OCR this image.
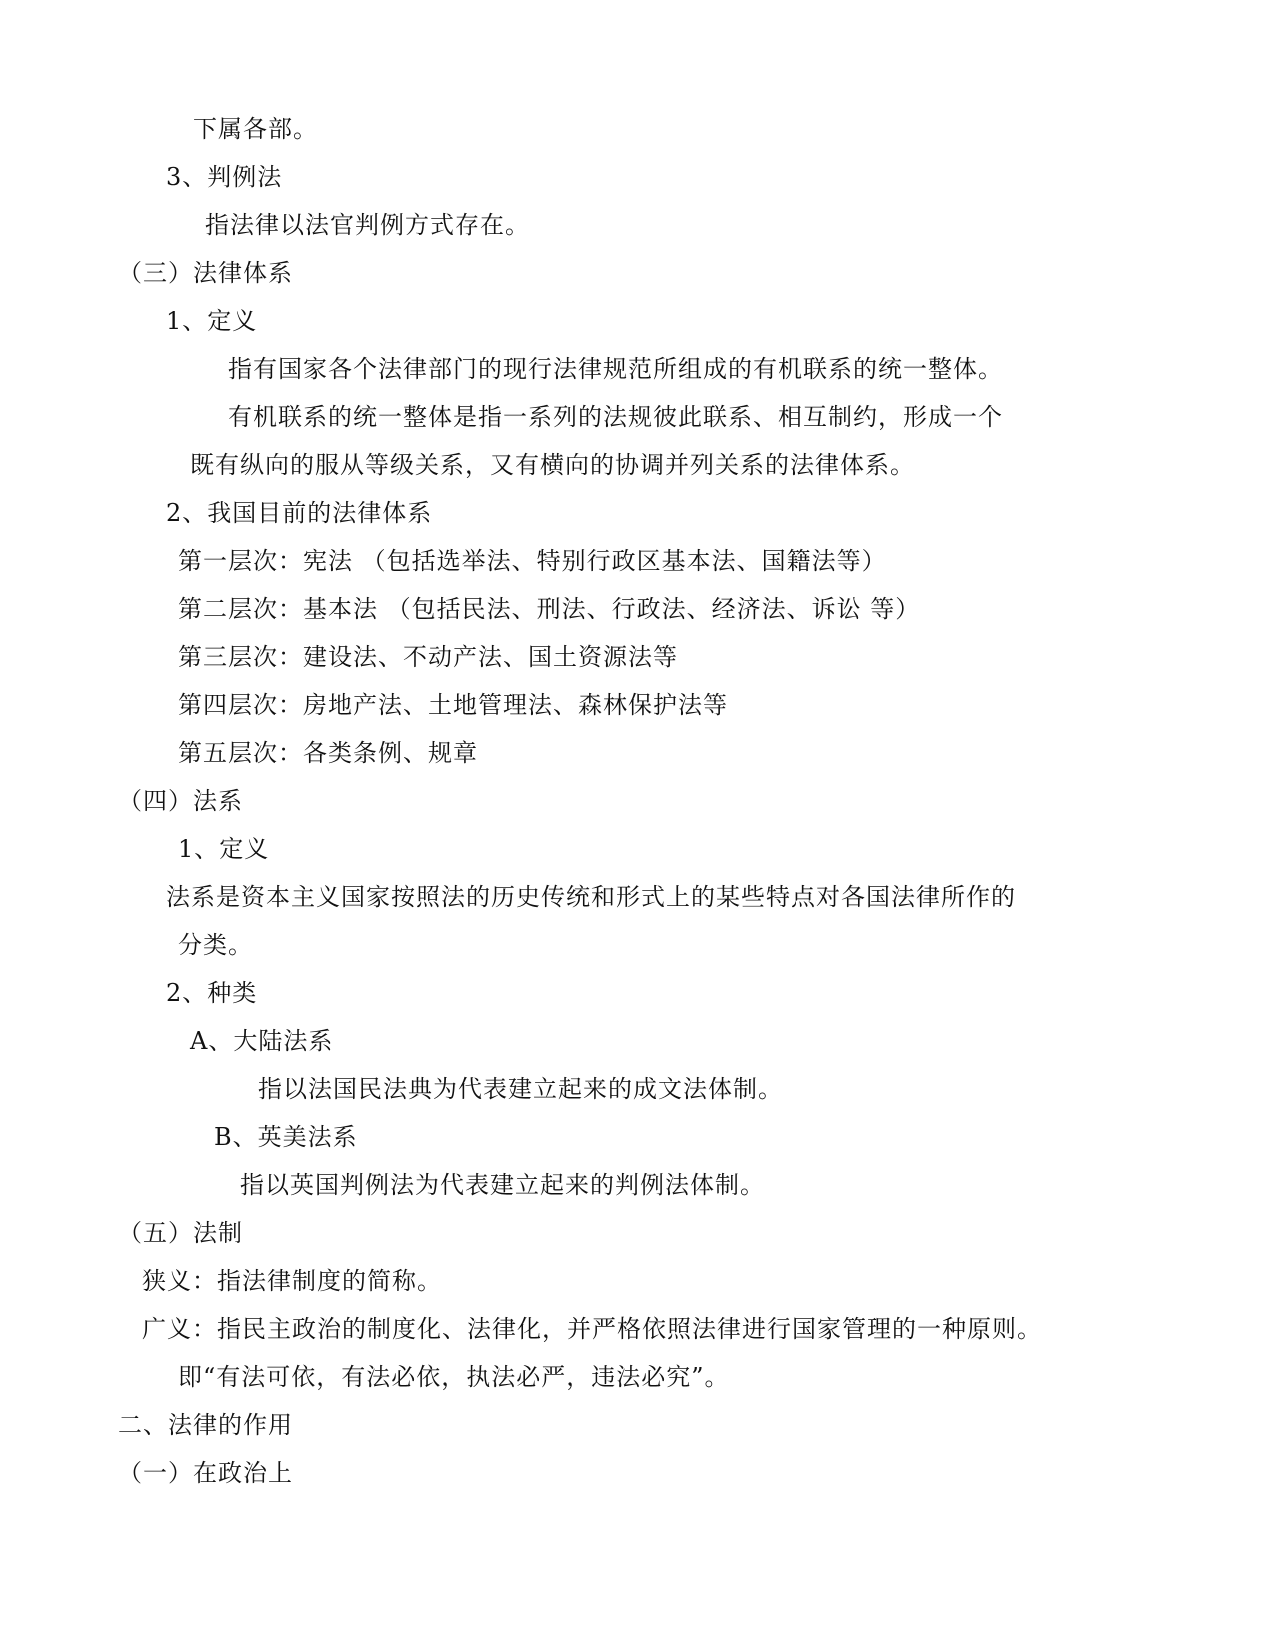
下属各部。
3、判例法
指法律以法官判例方式存在。
（三）法律体系
1、定义
指有国家各个法律部门的现行法律规范所组成的有机联系的统一整体。
有机联系的统一整体是指一系列的法规彼此联系、相互制约，形成一个
既有纵向的服从等级关系，又有横向的协调并列关系的法律体系。
2、我国目前的法律体系
第一层次：宪法 （包括选举法、特别行政区基本法、国籍法等）
第二层次：基本法 （包括民法、刑法、行政法、经济法、诉讼 等）
第三层次：建设法、不动产法、国土资源法等
第四层次：房地产法、土地管理法、森林保护法等
第五层次：各类条例、规章
（四）法系
1、定义
法系是资本主义国家按照法的历史传统和形式上的某些特点对各国法律所作的
分类。
2、种类
A、大陆法系
指以法国民法典为代表建立起来的成文法体制。
B、英美法系
指以英国判例法为代表建立起来的判例法体制。
（五）法制
狭义：指法律制度的简称。
广义：指民主政治的制度化、法律化，并严格依照法律进行国家管理的一种原则。
即“有法可依，有法必依，执法必严，违法必究”。
二、法律的作用
（一）在政治上
